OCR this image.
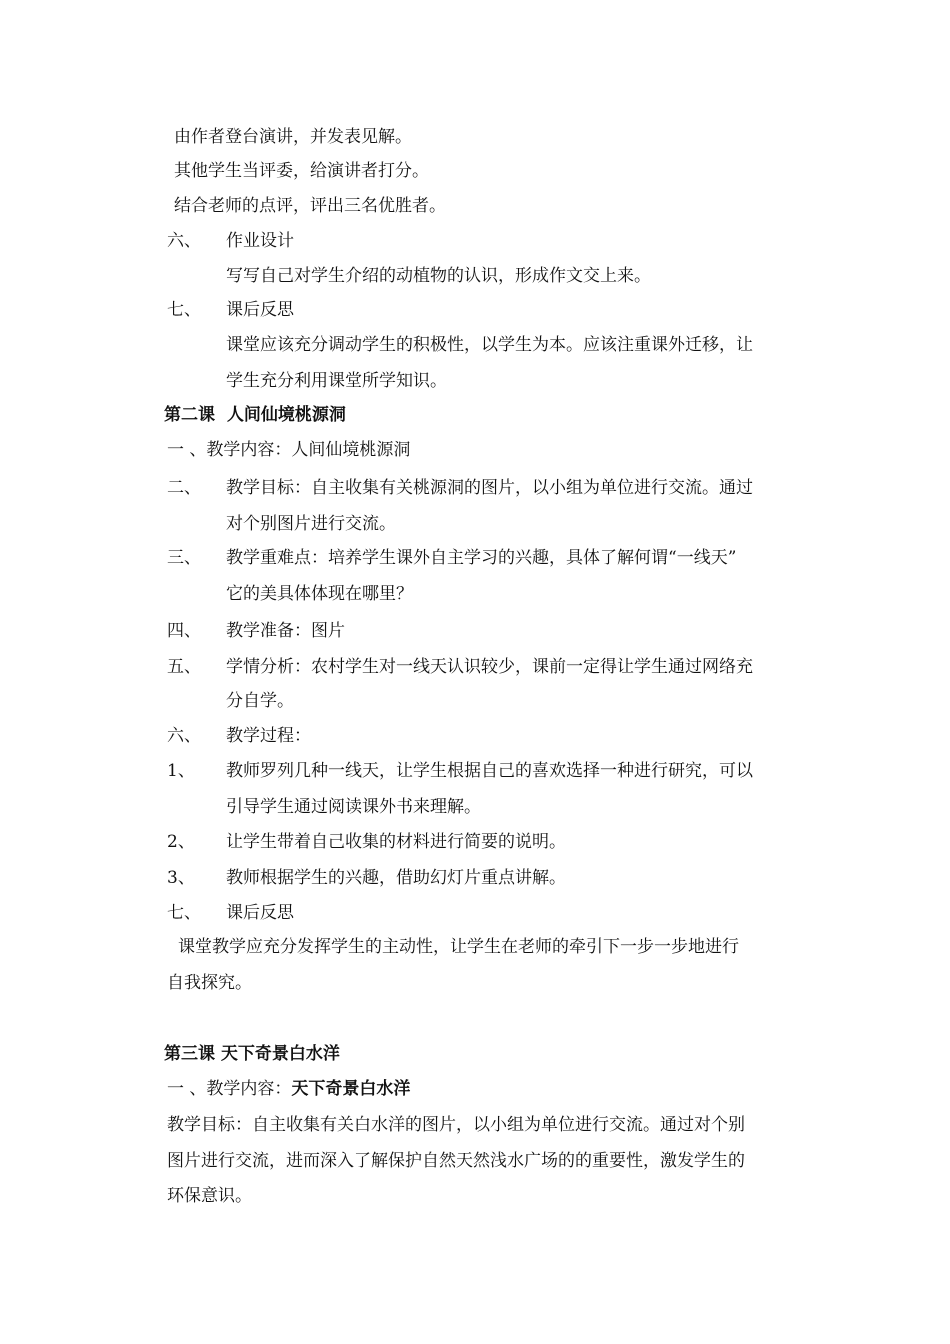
由作者登台演讲，并发表见解。
其他学生当评委，给演讲者打分。
结合老师的点评，评出三名优胜者。
六、 作业设计
写写自己对学生介绍的动植物的认识，形成作文交上来。
七、 课后反思
课堂应该充分调动学生的积极性，以学生为本。应该注重课外迁移，让
学生充分利用课堂所学知识。
第二课  人间仙境桃源洞
一 、教学内容：人间仙境桃源洞
二、 教学目标：自主收集有关桃源洞的图片，以小组为单位进行交流。通过
对个别图片进行交流。
三、 教学重难点：培养学生课外自主学习的兴趣，具体了解何谓“一线天”
它的美具体体现在哪里？
四、 教学准备：图片
五、 学情分析：农村学生对一线天认识较少，课前一定得让学生通过网络充
分自学。
六、 教学过程：
1、 教师罗列几种一线天，让学生根据自己的喜欢选择一种进行研究，可以
引导学生通过阅读课外书来理解。
2、 让学生带着自己收集的材料进行简要的说明。
3、 教师根据学生的兴趣，借助幻灯片重点讲解。
七、 课后反思
课堂教学应充分发挥学生的主动性，让学生在老师的牵引下一步一步地进行
自我探究。
第三课 天下奇景白水洋
一 、教学内容：天下奇景白水洋
教学目标：自主收集有关白水洋的图片，以小组为单位进行交流。通过对个别
图片进行交流，进而深入了解保护自然天然浅水广场的的重要性，激发学生的
环保意识。
